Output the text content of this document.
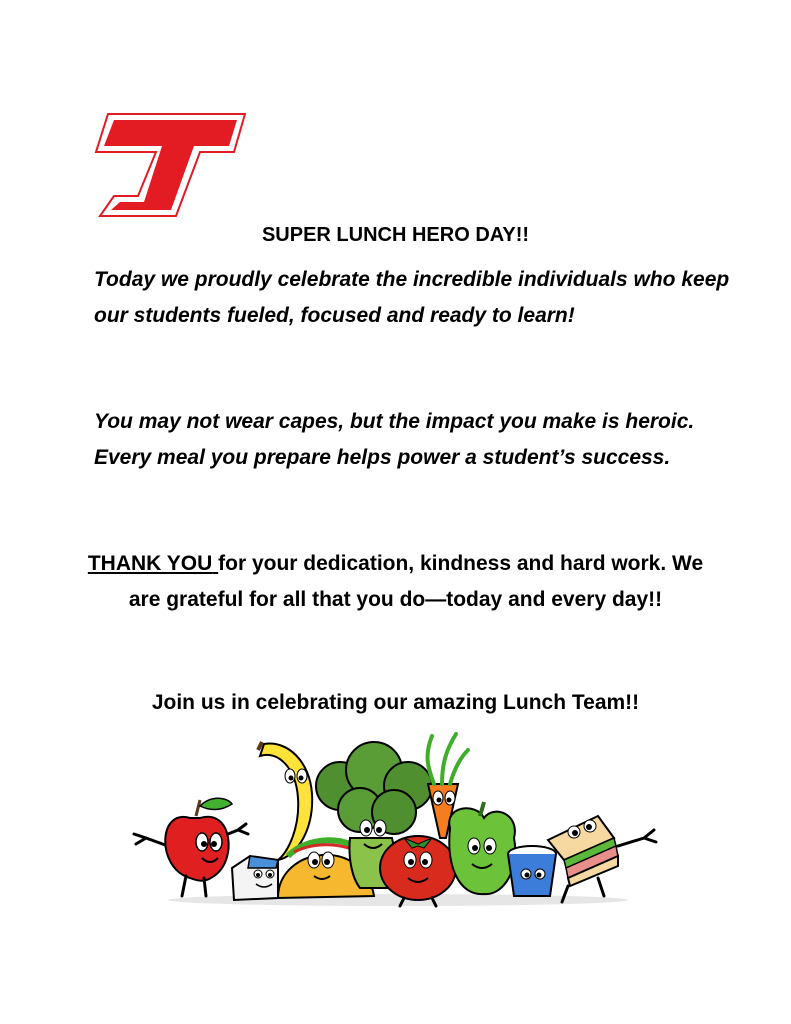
SUPER LUNCH HERO DAY!!

Today we proudly celebrate the incredible individuals who keep our students fueled, focused and ready to learn!

You may not wear capes, but the impact you make is heroic. Every meal you prepare helps power a student’s success.

THANK YOU for your dedication, kindness and hard work. We are grateful for all that you do—today and every day!!

Join us in celebrating our amazing Lunch Team!!
